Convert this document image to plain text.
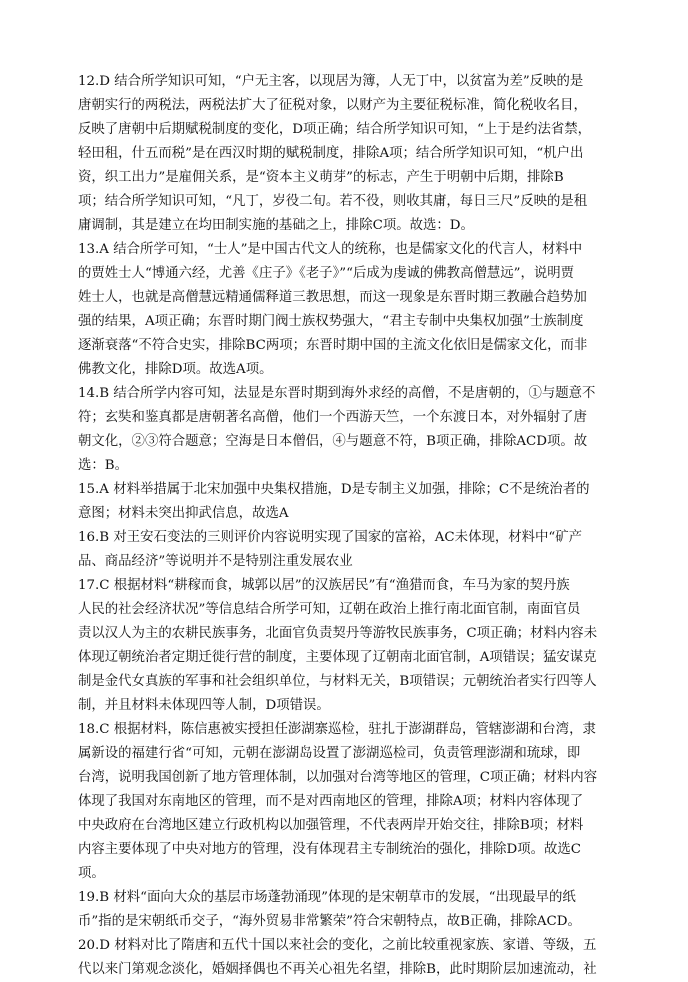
12.D 结合所学知识可知，“户无主客，以现居为簿，人无丁中，以贫富为差”反映的是
唐朝实行的两税法，两税法扩大了征税对象，以财产为主要征税标准，简化税收名目，
反映了唐朝中后期赋税制度的变化，D项正确；结合所学知识可知，“上于是约法省禁，
轻田租，什五而税”是在西汉时期的赋税制度，排除A项；结合所学知识可知，“机户出
资，织工出力”是雇佣关系，是“资本主义萌芽”的标志，产生于明朝中后期，排除B
项；结合所学知识可知，“凡丁，岁役二旬。若不役，则收其庸，每日三尺”反映的是租
庸调制，其是建立在均田制实施的基础之上，排除C项。故选：D。
13.A 结合所学可知，“士人”是中国古代文人的统称，也是儒家文化的代言人，材料中
的贾姓士人“博通六经，尤善《庄子》《老子》”“后成为虔诚的佛教高僧慧远”，说明贾
姓士人，也就是高僧慧远精通儒释道三教思想，而这一现象是东晋时期三教融合趋势加
强的结果，A项正确；东晋时期门阀士族权势强大，“君主专制中央集权加强”士族制度
逐渐衰落“不符合史实，排除BC两项；东晋时期中国的主流文化依旧是儒家文化，而非
佛教文化，排除D项。故选A项。
14.B 结合所学内容可知，法显是东晋时期到海外求经的高僧，不是唐朝的，①与题意不
符；玄奘和鉴真都是唐朝著名高僧，他们一个西游天竺，一个东渡日本，对外辐射了唐
朝文化，②③符合题意；空海是日本僧侣，④与题意不符，B项正确，排除ACD项。故
选：B。
15.A 材料举措属于北宋加强中央集权措施，D是专制主义加强，排除；C不是统治者的
意图；材料未突出抑武信息，故选A
16.B 对王安石变法的三则评价内容说明实现了国家的富裕，AC未体现，材料中“矿产
品、商品经济”等说明并不是特别注重发展农业
17.C 根据材料“耕稼而食，城郭以居”的汉族居民”有“渔猎而食，车马为家的契丹族
人民的社会经济状况”等信息结合所学可知，辽朝在政治上推行南北面官制，南面官员
责以汉人为主的农耕民族事务，北面官负责契丹等游牧民族事务，C项正确；材料内容未
体现辽朝统治者定期迁徙行营的制度，主要体现了辽朝南北面官制，A项错误；猛安谋克
制是金代女真族的军事和社会组织单位，与材料无关，B项错误；元朝统治者实行四等人
制，并且材料未体现四等人制，D项错误。
18.C 根据材料，陈信惠被实授担任澎湖寨巡检，驻扎于澎湖群岛，管辖澎湖和台湾，隶
属新设的福建行省“可知，元朝在澎湖岛设置了澎湖巡检司，负责管理澎湖和琉球，即
台湾，说明我国创新了地方管理体制，以加强对台湾等地区的管理，C项正确；材料内容
体现了我国对东南地区的管理，而不是对西南地区的管理，排除A项；材料内容体现了
中央政府在台湾地区建立行政机构以加强管理，不代表两岸开始交往，排除B项；材料
内容主要体现了中央对地方的管理，没有体现君主专制统治的强化，排除D项。故选C
项。
19.B 材料“面向大众的基层市场蓬勃涌现”体现的是宋朝草市的发展，“出现最早的纸
币”指的是宋朝纸币交子，“海外贸易非常繁荣”符合宋朝特点，故B正确，排除ACD。
20.D 材料对比了隋唐和五代十国以来社会的变化，之前比较重视家族、家谱、等级，五
代以来门第观念淡化，婚姻择偶也不再关心祖先名望，排除B，此时期阶层加速流动，社
